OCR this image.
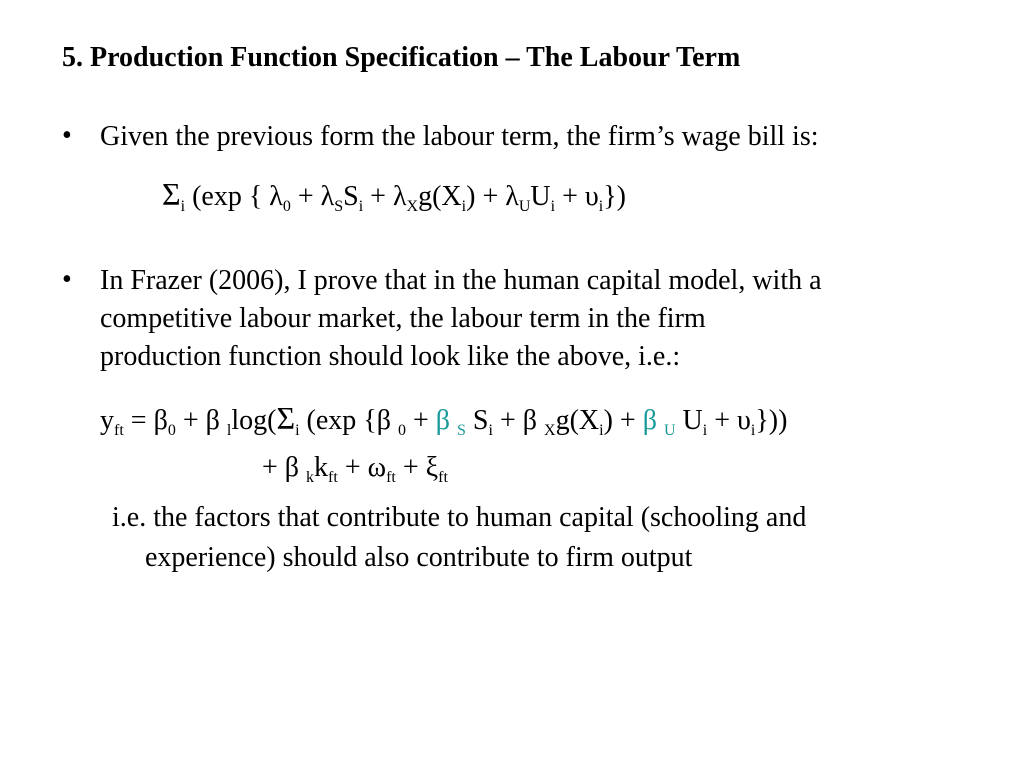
5. Production Function Specification – The Labour Term
• Given the previous form the labour term, the firm’s wage bill is:
$\Sigma_i$ (exp { $\lambda_0 + \lambda_SS_i + \lambda_Xg(X_i) + \lambda_UU_i + \upsilon_i$})
• In Frazer (2006), I prove that in the human capital model, with a
competitive labour market, the labour term in the firm
production function should look like the above, i.e.:
$y_{ft} = \beta_0 + \beta$ $_l\log(\Sigma_i$ (exp {β $_0$ + β $_S$ $S_i + \beta$ $_Xg(X_i) + \beta$ $_U$ $U_i + \upsilon_i$}))
+ β $_kk_{ft} + \omega_{ft} + \xi_{ft}$
i.e. the factors that contribute to human capital (schooling and
experience) should also contribute to firm output
